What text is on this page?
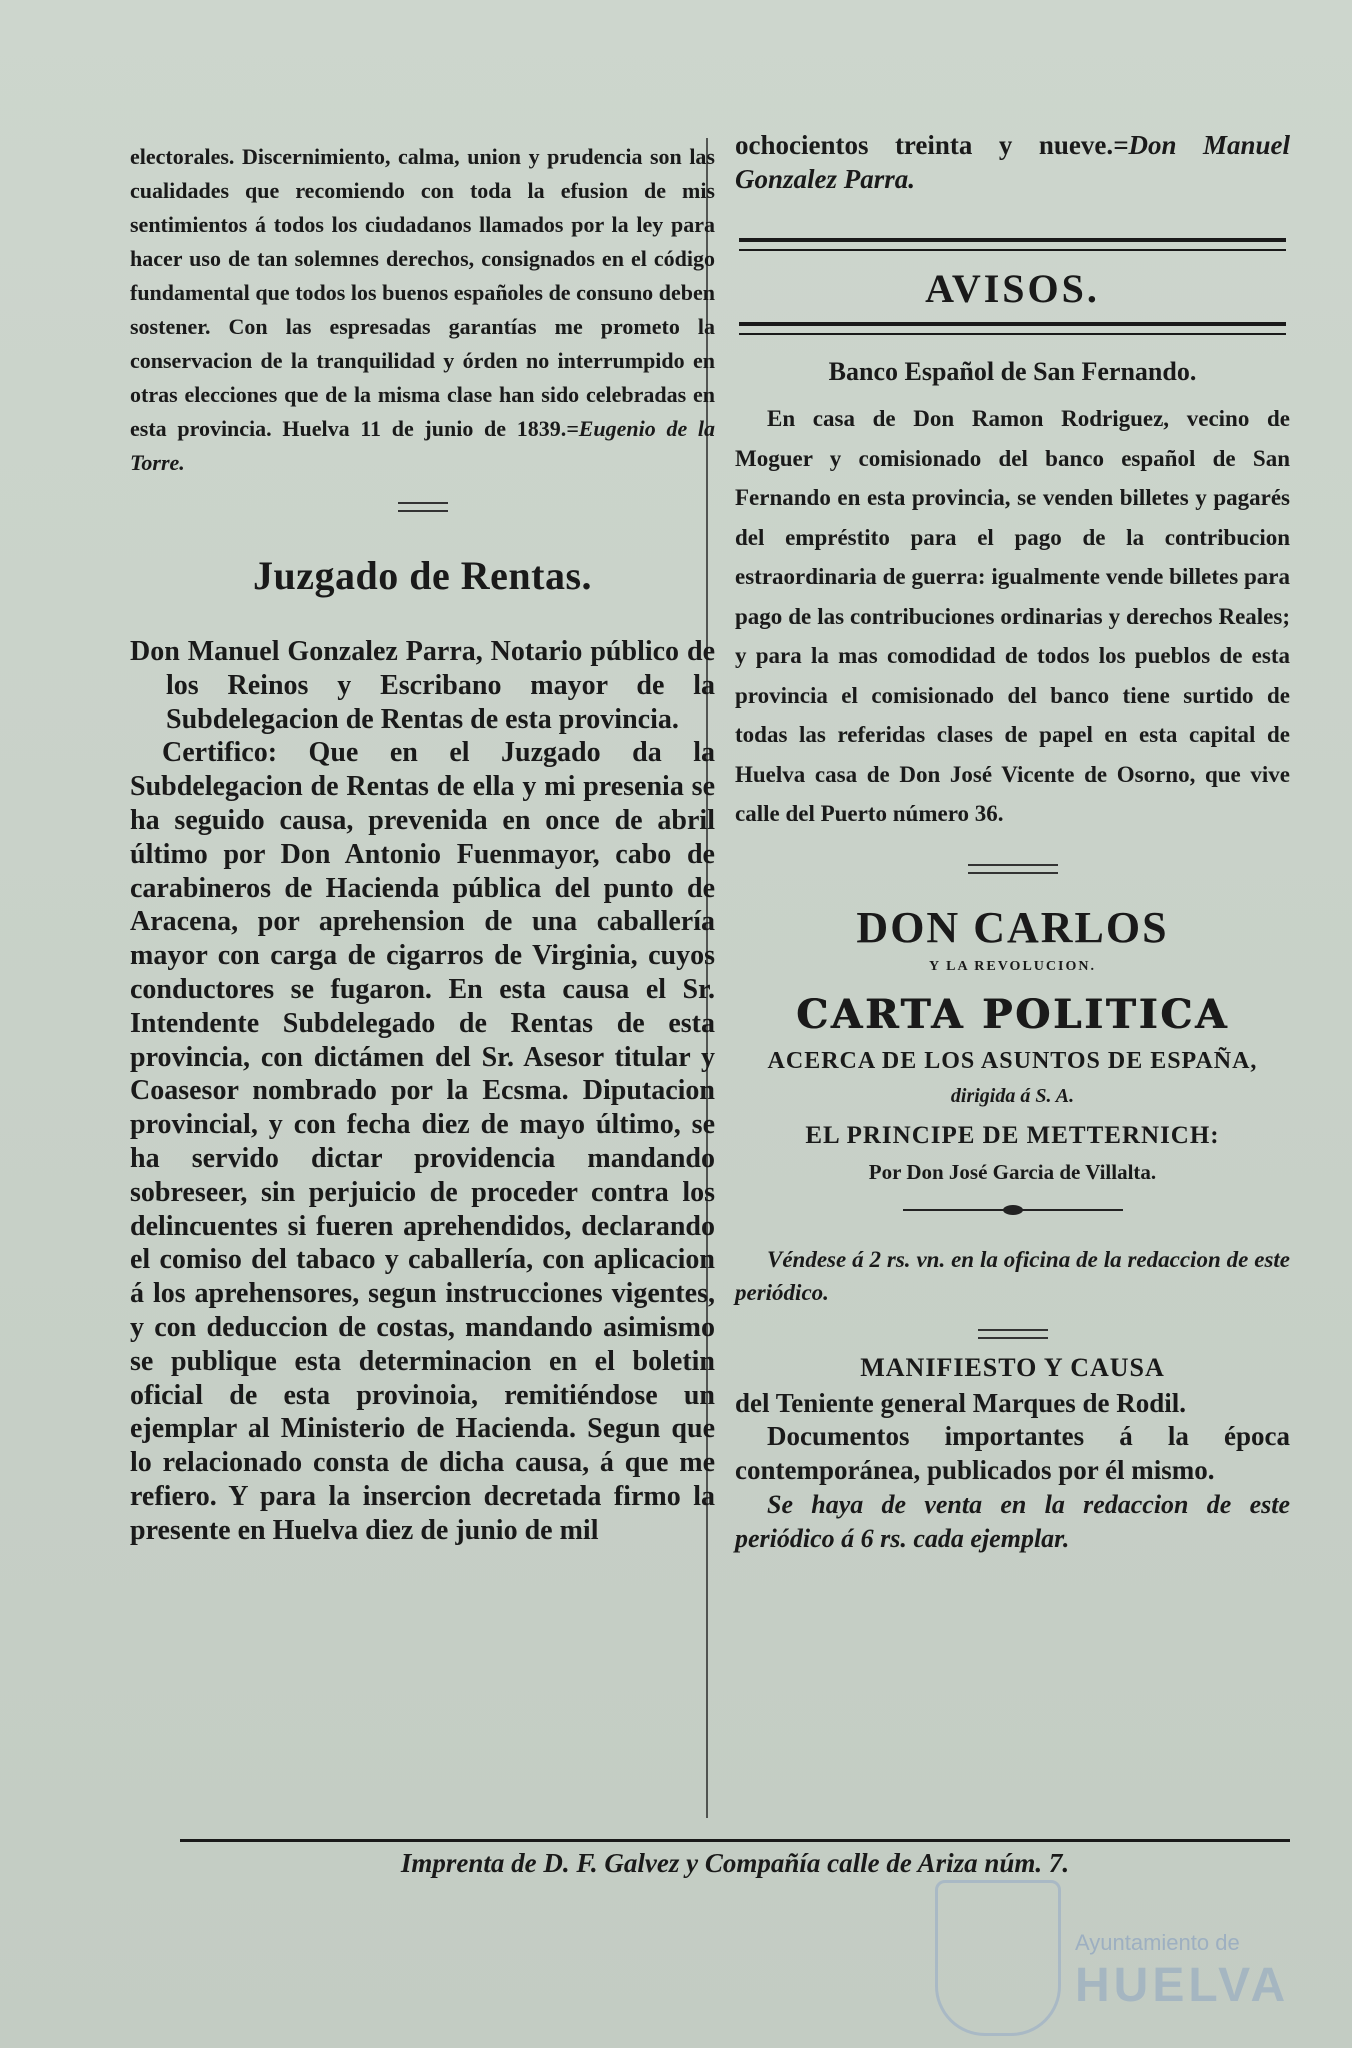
electorales. Discernimiento, calma, union y prudencia son las cualidades que recomiendo con toda la efusion de mis sentimientos á todos los ciudadanos llamados por la ley para hacer uso de tan solemnes derechos, consignados en el código fundamental que todos los buenos españoles de consuno deben sostener. Con las espresadas garantías me prometo la conservacion de la tranquilidad y órden no interrumpido en otras elecciones que de la misma clase han sido celebradas en esta provincia. Huelva 11 de junio de 1839.=Eugenio de la Torre.

Juzgado de Rentas.

Don Manuel Gonzalez Parra, Notario público de los Reinos y Escribano mayor de la Subdelegacion de Rentas de esta provincia.

Certifico: Que en el Juzgado da la Subdelegacion de Rentas de ella y mi presenia se ha seguido causa, prevenida en once de abril último por Don Antonio Fuenmayor, cabo de carabineros de Hacienda pública del punto de Aracena, por aprehension de una caballería mayor con carga de cigarros de Virginia, cuyos conductores se fugaron. En esta causa el Sr. Intendente Subdelegado de Rentas de esta provincia, con dictámen del Sr. Asesor titular y Coasesor nombrado por la Ecsma. Diputacion provincial, y con fecha diez de mayo último, se ha servido dictar providencia mandando sobreseer, sin perjuicio de proceder contra los delincuentes si fueren aprehendidos, declarando el comiso del tabaco y caballería, con aplicacion á los aprehensores, segun instrucciones vigentes, y con deduccion de costas, mandando asimismo se publique esta determinacion en el boletin oficial de esta provinoia, remitiéndose un ejemplar al Ministerio de Hacienda. Segun que lo relacionado consta de dicha causa, á que me refiero. Y para la insercion decretada firmo la presente en Huelva diez de junio de mil

ochocientos treinta y nueve.=Don Manuel Gonzalez Parra.

AVISOS.
Banco Español de San Fernando.

En casa de Don Ramon Rodriguez, vecino de Moguer y comisionado del banco español de San Fernando en esta provincia, se venden billetes y pagarés del empréstito para el pago de la contribucion estraordinaria de guerra: igualmente vende billetes para pago de las contribuciones ordinarias y derechos Reales; y para la mas comodidad de todos los pueblos de esta provincia el comisionado del banco tiene surtido de todas las referidas clases de papel en esta capital de Huelva casa de Don José Vicente de Osorno, que vive calle del Puerto número 36.

DON CARLOS

Y LA REVOLUCION.

CARTA POLITICA

ACERCA DE LOS ASUNTOS DE ESPAÑA,

dirigida á S. A.

EL PRINCIPE DE METTERNICH:

Por Don José Garcia de Villalta.

Véndese á 2 rs. vn. en la oficina de la redaccion de este periódico.

MANIFIESTO Y CAUSA

del Teniente general Marques de Rodil.

Documentos importantes á la época contemporánea, publicados por él mismo.

Se haya de venta en la redaccion de este periódico á 6 rs. cada ejemplar.

Imprenta de D. F. Galvez y Compañía calle de Ariza núm. 7.
Ayuntamiento de
HUELVA
